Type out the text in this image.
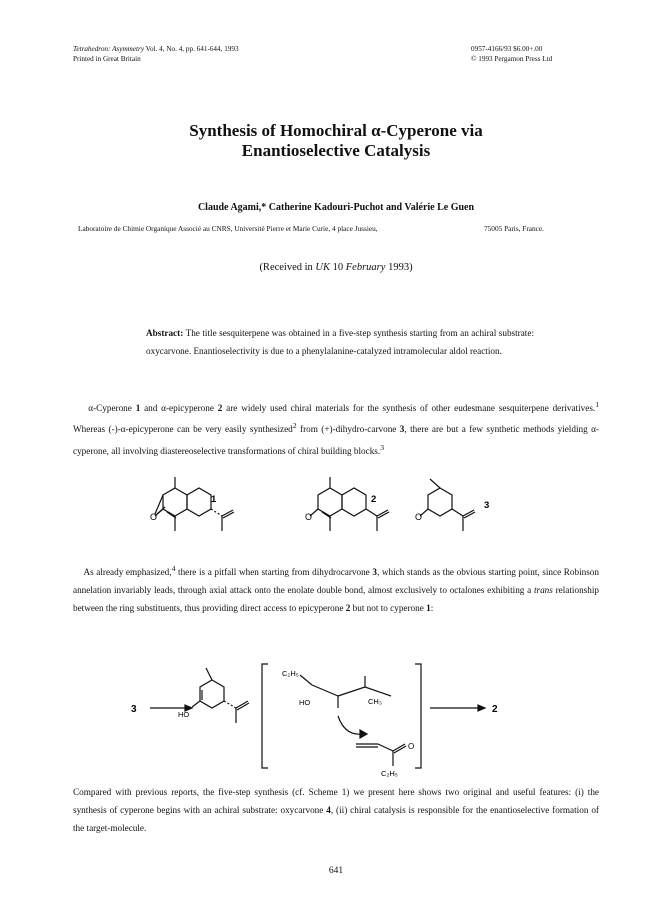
Tetrahedron: Asymmetry Vol. 4, No. 4, pp. 641-644, 1993
Printed in Great Britain
0957-4166/93 $6.00+.00
© 1993 Pergamon Press Ltd
Synthesis of Homochiral α-Cyperone via
Enantioselective Catalysis
Claude Agami,* Catherine Kadouri-Puchot and Valérie Le Guen
Laboratoire de Chimie Organique Associé au CNRS, Université Pierre et Marie Curie, 4 place Jussieu,	75005 Paris, France.
(Received in UK 10 February 1993)
Abstract: The title sesquiterpene was obtained in a five-step synthesis starting from an achiral substrate: oxycarvone. Enantioselectivity is due to a phenylalanine-catalyzed intramolecular aldol reaction.
α-Cyperone 1 and α-epicyperone 2 are widely used chiral materials for the synthesis of other eudesmane sesquiterpene derivatives.$^1$ Whereas (-)-α-epicyperone can be very easily synthesized$^2$ from (+)-dihydro-carvone 3, there are but a few synthetic methods yielding α-cyperone, all involving diastereoselective transformations of chiral building blocks.$^3$
O	O	O
1	2
3
As already emphasized,$^4$ there is a pitfall when starting from dihydrocarvone 3, which stands as the obvious starting point, since Robinson annelation invariably leads, through axial attack onto the enolate double bond, almost exclusively to octalones exhibiting a trans relationship between the ring substituents, thus providing direct access to epicyperone 2 but not to cyperone 1:
3	HO
C₂H₅
HO	CH₃
O
C₂H₅
2
Compared with previous reports, the five-step synthesis (cf. Scheme 1) we present here shows two original and useful features: (i) the synthesis of cyperone begins with an achiral substrate: oxycarvone 4, (ii) chiral catalysis is responsible for the enantioselective formation of the target-molecule.
641
